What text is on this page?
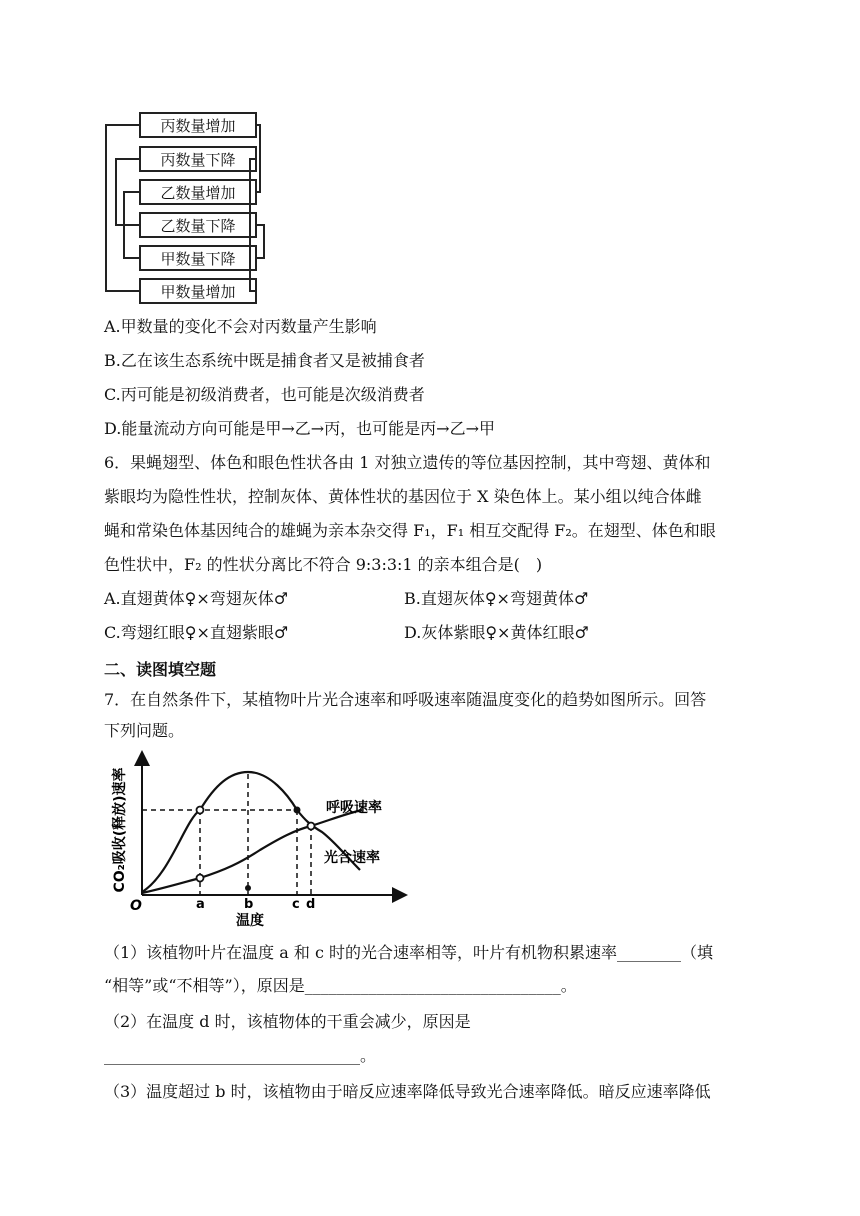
丙数量增加
丙数量下降
乙数量增加
乙数量下降
甲数量下降
甲数量增加
A.甲数量的变化不会对丙数量产生影响
B.乙在该生态系统中既是捕食者又是被捕食者
C.丙可能是初级消费者，也可能是次级消费者
D.能量流动方向可能是甲→乙→丙，也可能是丙→乙→甲
6．果蝇翅型、体色和眼色性状各由 1 对独立遗传的等位基因控制，其中弯翅、黄体和
紫眼均为隐性性状，控制灰体、黄体性状的基因位于 X 染色体上。某小组以纯合体雌
蝇和常染色体基因纯合的雄蝇为亲本杂交得 F₁，F₁ 相互交配得 F₂。在翅型、体色和眼
色性状中，F₂ 的性状分离比不符合 9:3:3:1 的亲本组合是(　)
A.直翅黄体♀×弯翅灰体♂	B.直翅灰体♀×弯翅黄体♂
C.弯翅红眼♀×直翅紫眼♂	D.灰体紫眼♀×黄体红眼♂
二、读图填空题
7．在自然条件下，某植物叶片光合速率和呼吸速率随温度变化的趋势如图所示。回答
下列问题。
CO₂吸收(释放)速率	呼吸速率
光合速率
O	a	b	c d
温度
（1）该植物叶片在温度 a 和 c 时的光合速率相等，叶片有机物积累速率________（填
“相等”或“不相等”），原因是________________________________。
（2）在温度 d 时，该植物体的干重会减少，原因是
________________________________。
（3）温度超过 b 时，该植物由于暗反应速率降低导致光合速率降低。暗反应速率降低
